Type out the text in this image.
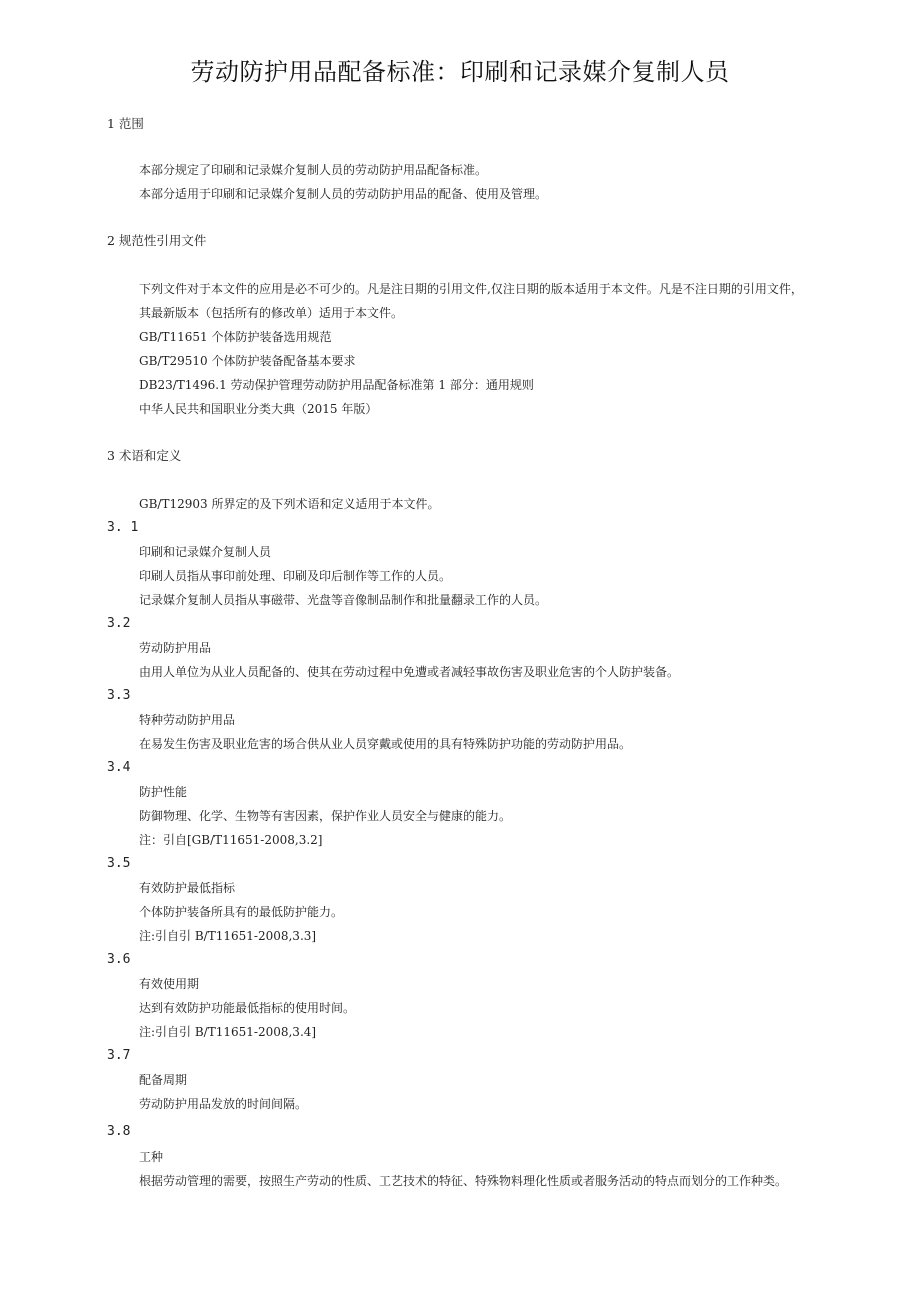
劳动防护用品配备标准：印刷和记录媒介复制人员
1 范围
本部分规定了印刷和记录媒介复制人员的劳动防护用品配备标准。
本部分适用于印刷和记录媒介复制人员的劳动防护用品的配备、使用及管理。
2 规范性引用文件
下列文件对于本文件的应用是必不可少的。凡是注日期的引用文件,仅注日期的版本适用于本文件。凡是不注日期的引用文件，
其最新版本（包括所有的修改单）适用于本文件。
GB/T11651 个体防护装备选用规范
GB/T29510 个体防护装备配备基本要求
DB23/T1496.1 劳动保护管理劳动防护用品配备标准第 1 部分：通用规则
中华人民共和国职业分类大典（2015 年版）
3 术语和定义
GB/T12903 所界定的及下列术语和定义适用于本文件。
3. 1
印刷和记录媒介复制人员
印刷人员指从事印前处理、印刷及印后制作等工作的人员。
记录媒介复制人员指从事磁带、光盘等音像制品制作和批量翻录工作的人员。
3.2
劳动防护用品
由用人单位为从业人员配备的、使其在劳动过程中免遭或者减轻事故伤害及职业危害的个人防护装备。
3.3
特种劳动防护用品
在易发生伤害及职业危害的场合供从业人员穿戴或使用的具有特殊防护功能的劳动防护用品。
3.4
防护性能
防御物理、化学、生物等有害因素，保护作业人员安全与健康的能力。
注：引自[GB/T11651-2008,3.2]
3.5
有效防护最低指标
个体防护装备所具有的最低防护能力。
注:引自引 B/T11651-2008,3.3]
3.6
有效使用期
达到有效防护功能最低指标的使用时间。
注:引自引 B/T11651-2008,3.4]
3.7
配备周期
劳动防护用品发放的时间间隔。
3.8
工种
根据劳动管理的需要，按照生产劳动的性质、工艺技术的特征、特殊物料理化性质或者服务活动的特点而划分的工作种类。
